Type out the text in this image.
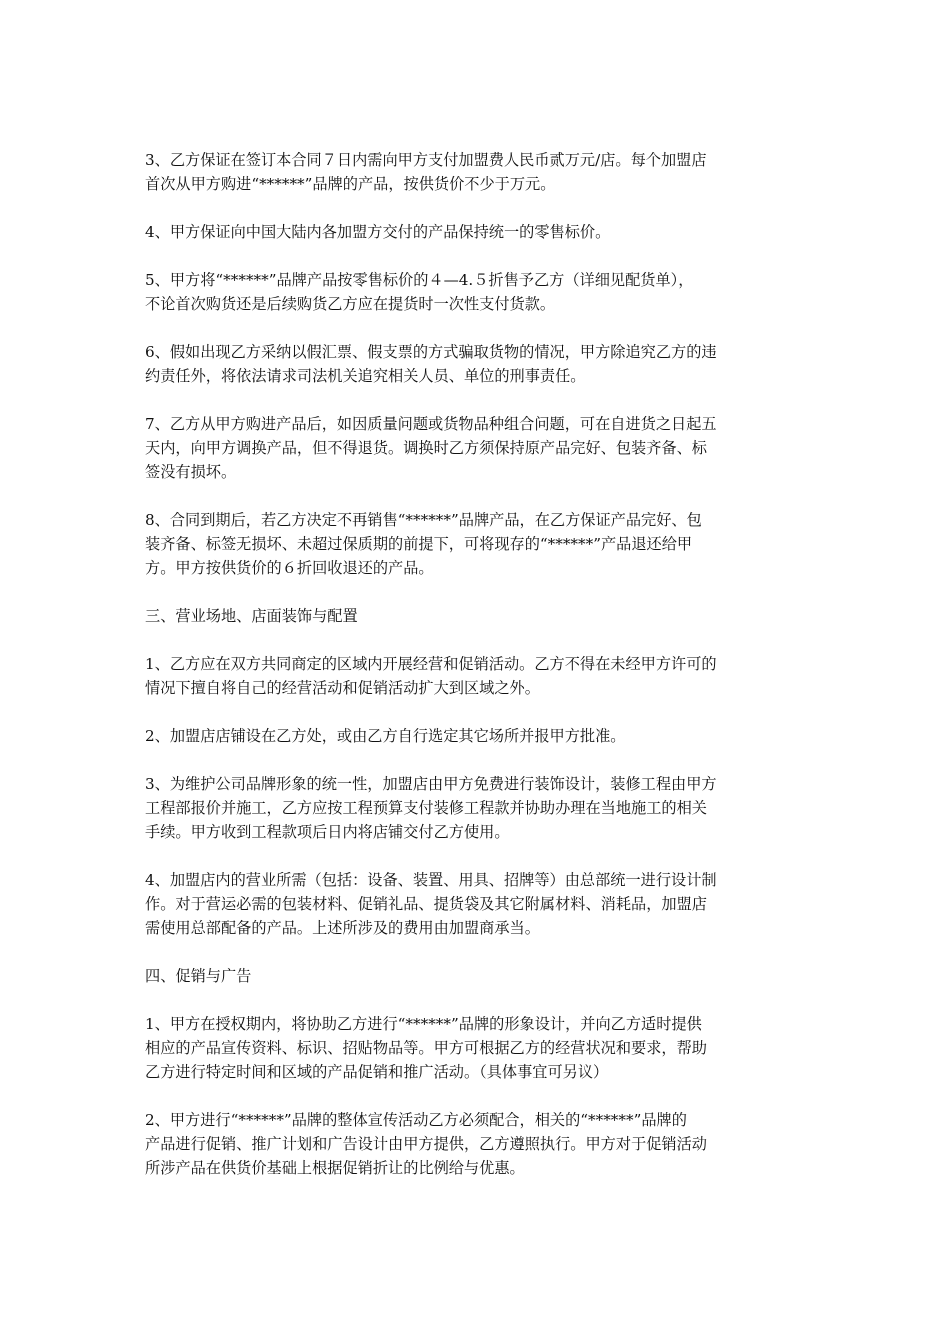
3、乙方保证在签订本合同７日内需向甲方支付加盟费人民币贰万元/店。每个加盟店
首次从甲方购进“******”品牌的产品，按供货价不少于万元。

4、甲方保证向中国大陆内各加盟方交付的产品保持统一的零售标价。

5、甲方将“******”品牌产品按零售标价的４—4.５折售予乙方（详细见配货单），
不论首次购货还是后续购货乙方应在提货时一次性支付货款。

6、假如出现乙方采纳以假汇票、假支票的方式骗取货物的情况，甲方除追究乙方的违
约责任外，将依法请求司法机关追究相关人员、单位的刑事责任。

7、乙方从甲方购进产品后，如因质量问题或货物品种组合问题，可在自进货之日起五
天内，向甲方调换产品，但不得退货。调换时乙方须保持原产品完好、包装齐备、标
签没有损坏。

8、合同到期后，若乙方决定不再销售“******”品牌产品，在乙方保证产品完好、包
装齐备、标签无损坏、未超过保质期的前提下，可将现存的“******”产品退还给甲
方。甲方按供货价的６折回收退还的产品。

三、营业场地、店面装饰与配置

1、乙方应在双方共同商定的区域内开展经营和促销活动。乙方不得在未经甲方许可的
情况下擅自将自己的经营活动和促销活动扩大到区域之外。

2、加盟店店铺设在乙方处，或由乙方自行选定其它场所并报甲方批准。

3、为维护公司品牌形象的统一性，加盟店由甲方免费进行装饰设计，装修工程由甲方
工程部报价并施工，乙方应按工程预算支付装修工程款并协助办理在当地施工的相关
手续。甲方收到工程款项后日内将店铺交付乙方使用。

4、加盟店内的营业所需（包括：设备、装置、用具、招牌等）由总部统一进行设计制
作。对于营运必需的包装材料、促销礼品、提货袋及其它附属材料、消耗品，加盟店
需使用总部配备的产品。上述所涉及的费用由加盟商承当。

四、促销与广告

1、甲方在授权期内，将协助乙方进行“******”品牌的形象设计，并向乙方适时提供
相应的产品宣传资料、标识、招贴物品等。甲方可根据乙方的经营状况和要求，帮助
乙方进行特定时间和区域的产品促销和推广活动。（具体事宜可另议）

2、甲方进行“******”品牌的整体宣传活动乙方必须配合，相关的“******”品牌的
产品进行促销、推广计划和广告设计由甲方提供，乙方遵照执行。甲方对于促销活动
所涉产品在供货价基础上根据促销折让的比例给与优惠。
